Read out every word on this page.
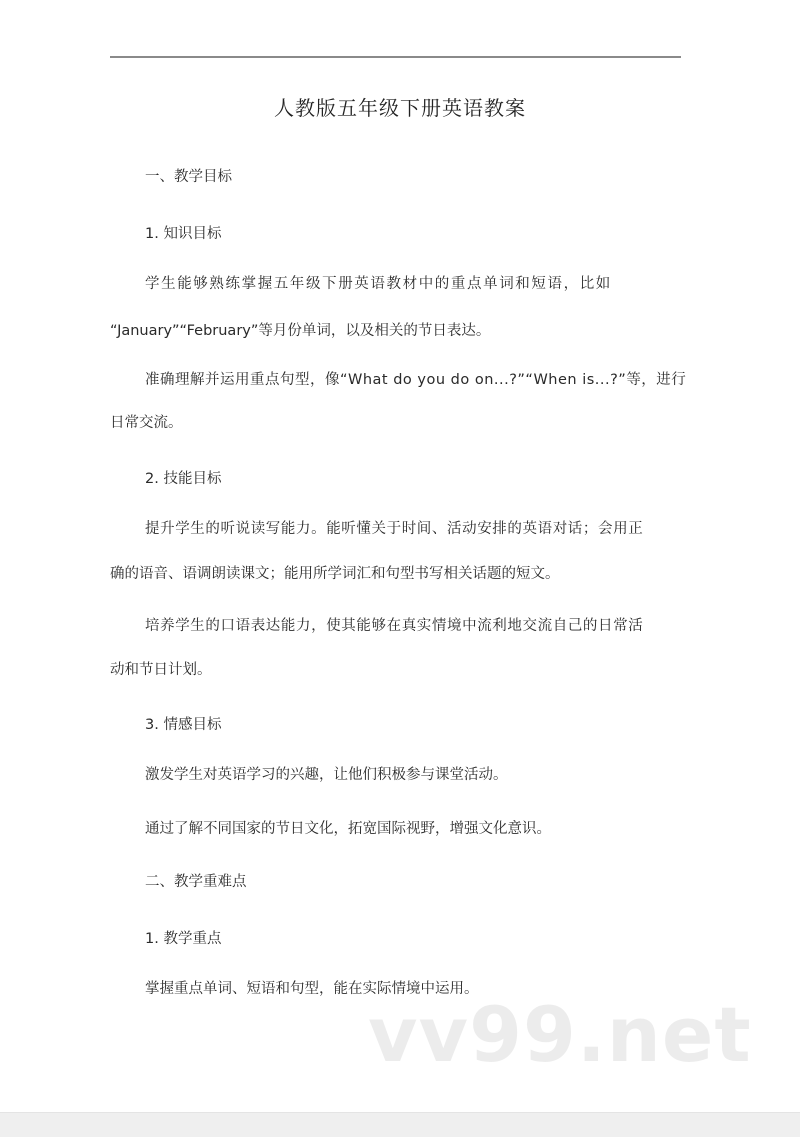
人教版五年级下册英语教案
一、教学目标
1. 知识目标
学生能够熟练掌握五年级下册英语教材中的重点单词和短语，比如
“January”“February”等月份单词，以及相关的节日表达。
准确理解并运用重点句型，像“What do you do on...?”“When is...?”等，进行
日常交流。
2. 技能目标
提升学生的听说读写能力。能听懂关于时间、活动安排的英语对话；会用正
确的语音、语调朗读课文；能用所学词汇和句型书写相关话题的短文。
培养学生的口语表达能力，使其能够在真实情境中流利地交流自己的日常活
动和节日计划。
3. 情感目标
激发学生对英语学习的兴趣，让他们积极参与课堂活动。
通过了解不同国家的节日文化，拓宽国际视野，增强文化意识。
二、教学重难点
1. 教学重点
掌握重点单词、短语和句型，能在实际情境中运用。
vv99.net
